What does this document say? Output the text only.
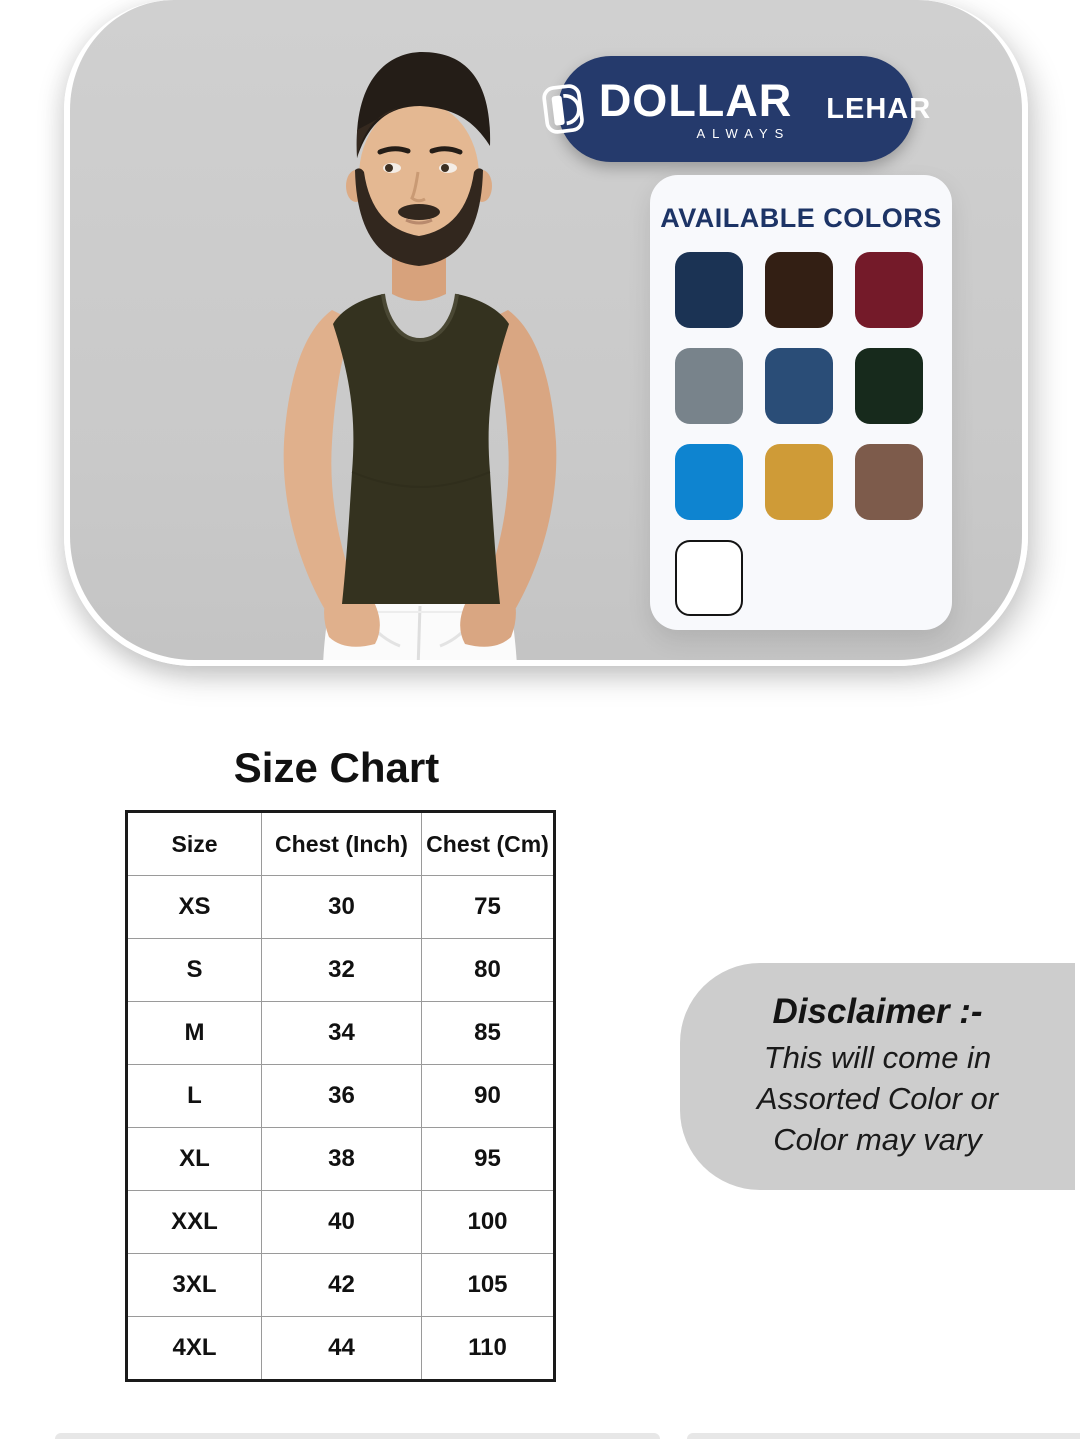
DOLLAR
ALWAYS
LEHAR
AVAILABLE COLORS
Size Chart
Size	Chest (Inch)	Chest (Cm)
XS	30	75
S	32	80
M	34	85
L	36	90
XL	38	95
XXL	40	100
3XL	42	105
4XL	44	110
Disclaimer :-

This will come in

Assorted Color or

Color may vary
